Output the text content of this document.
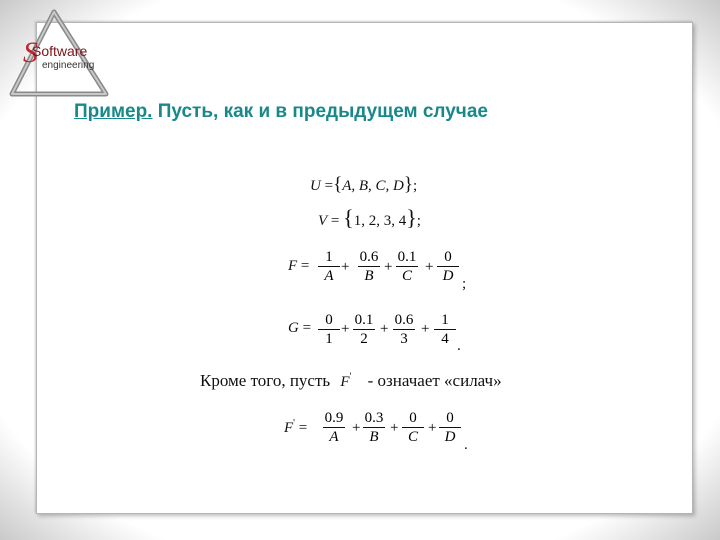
S
Software
engineering
Пример. Пусть, как и в предыдущем случае
U ={A, B, C, D};
V = {1, 2, 3, 4};
F =
1
A
+
0.6
B
+
0.1
C
+
0
D ;
G = 0
1
+
0.1
2
+
0.6
3
+
1
4 .
Кроме того, пусть F' - означает «силач»
F' =
0.9
A
+
0.3
B
+
0
C
+
0
D .
